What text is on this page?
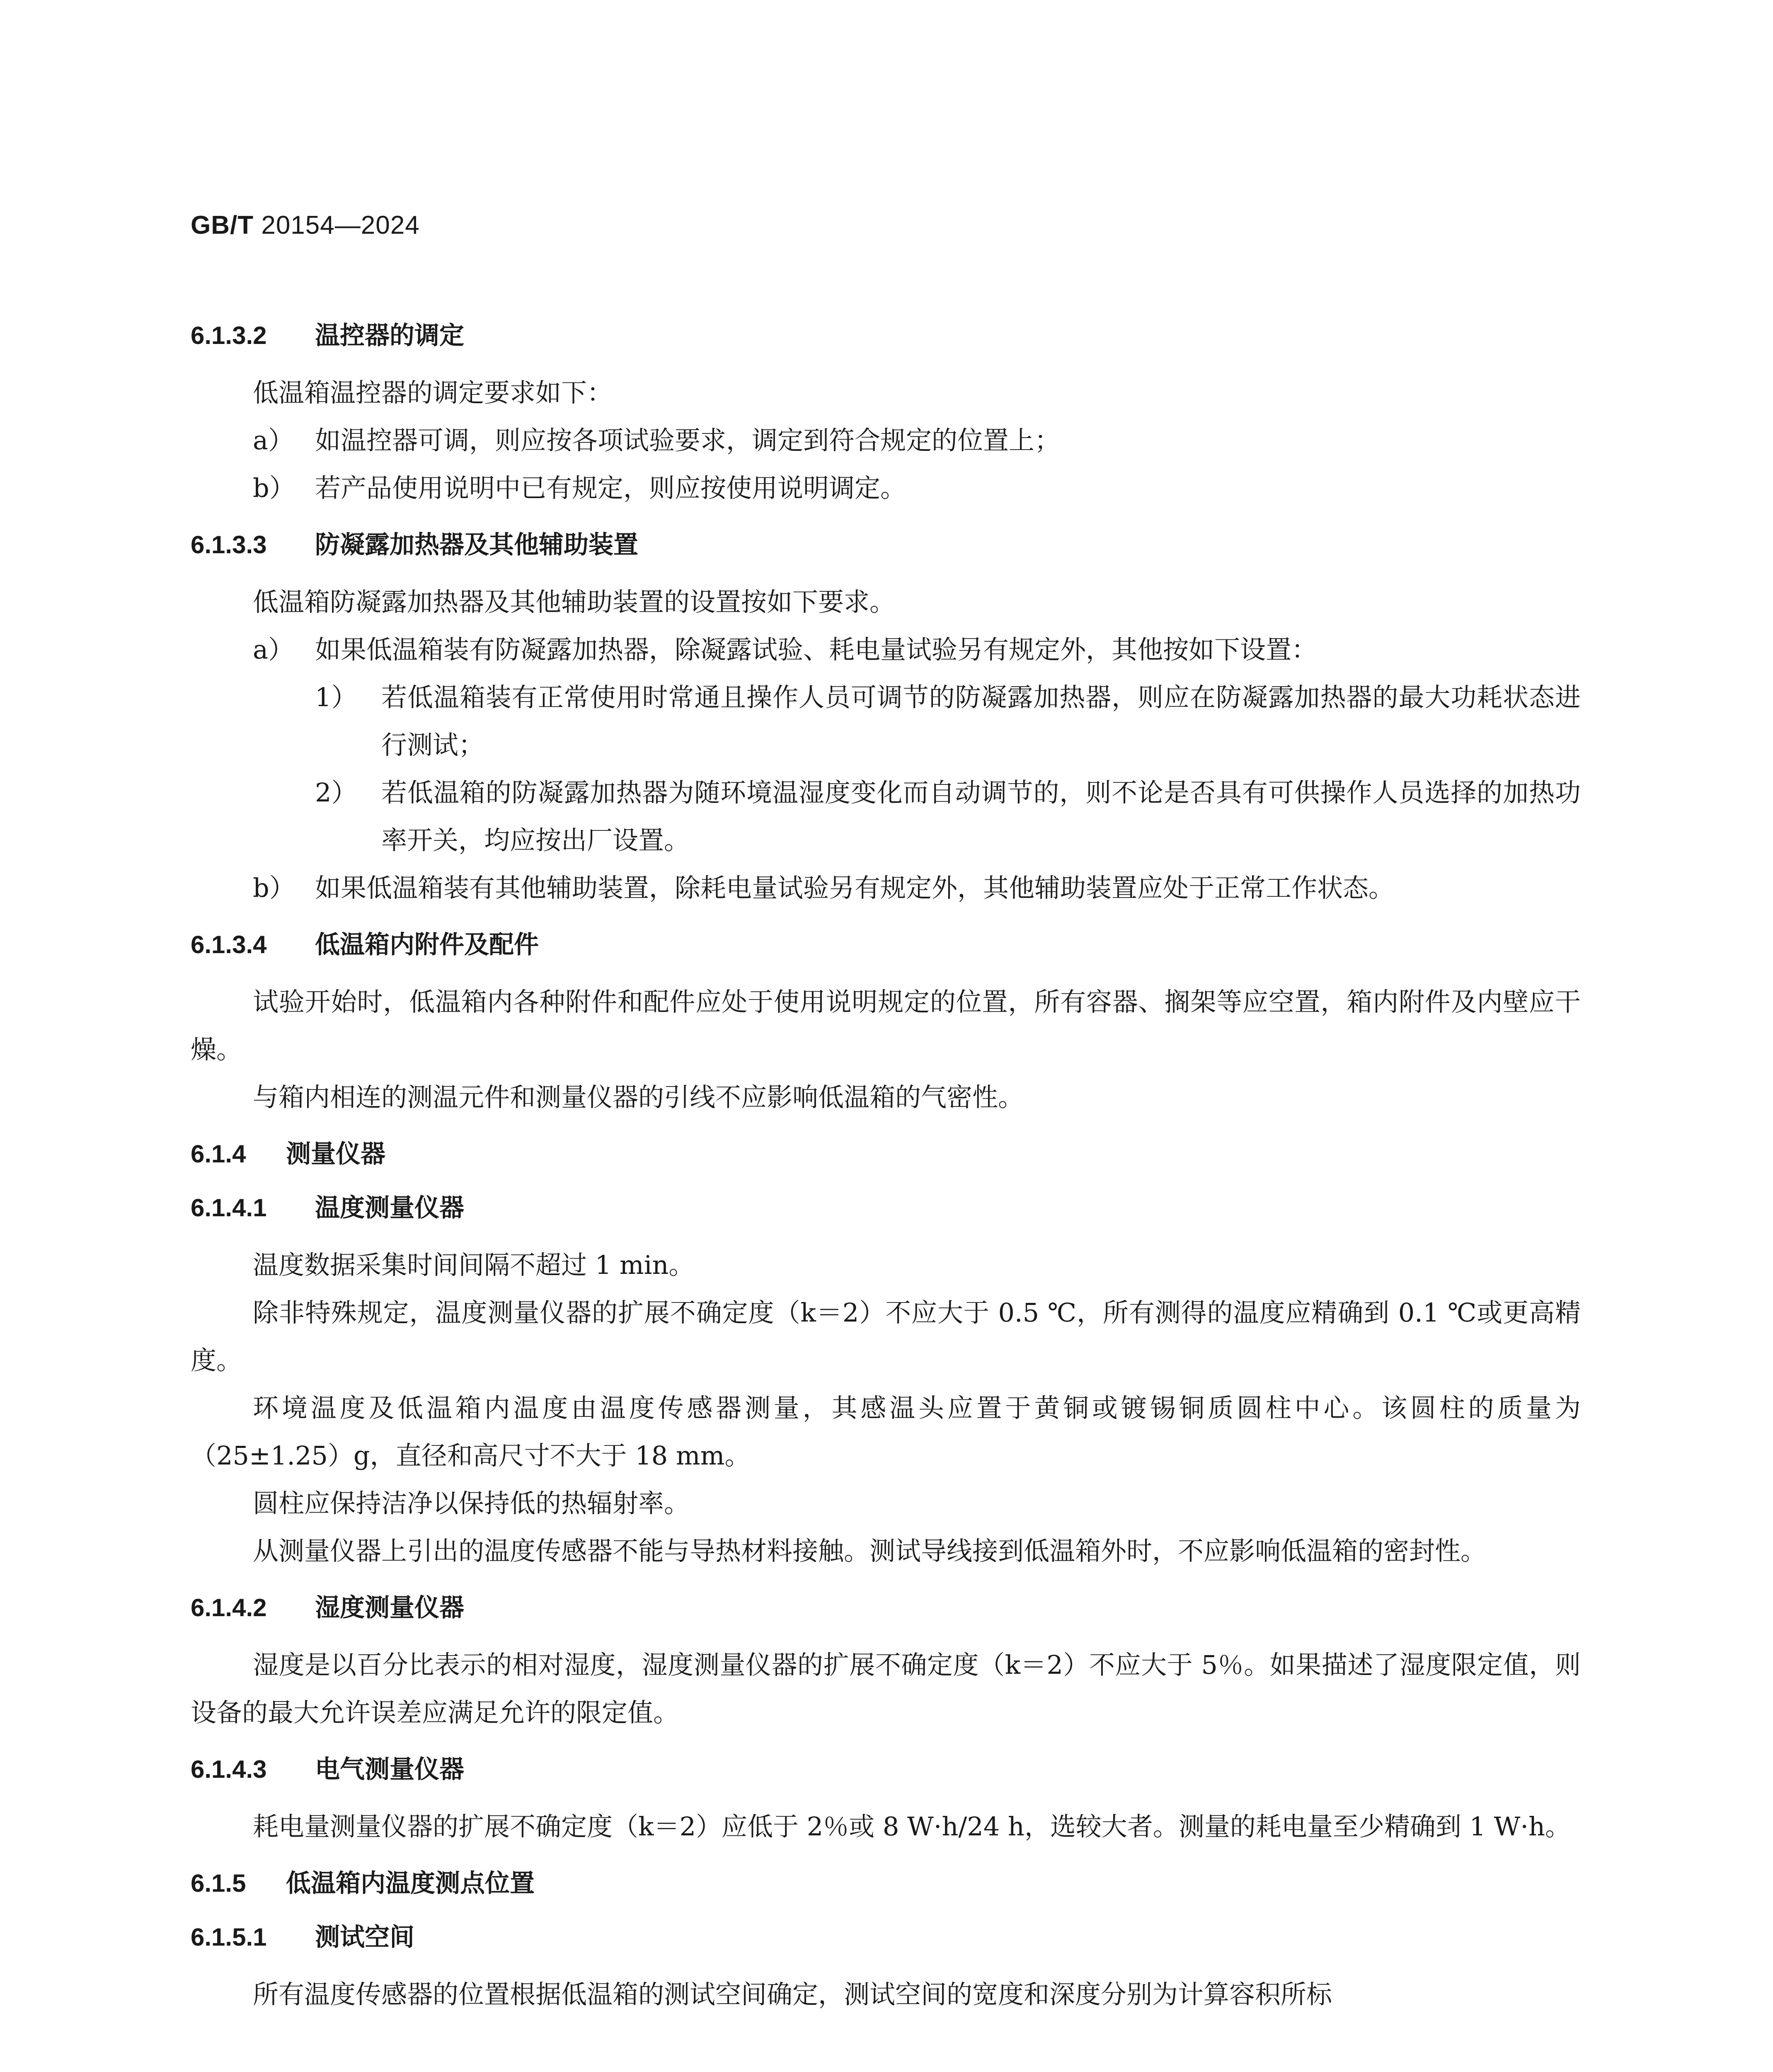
GB/T 20154—2024

6.1.3.2 温控器的调定

低温箱温控器的调定要求如下：

a） 如温控器可调，则应按各项试验要求，调定到符合规定的位置上；

b） 若产品使用说明中已有规定，则应按使用说明调定。

6.1.3.3 防凝露加热器及其他辅助装置

低温箱防凝露加热器及其他辅助装置的设置按如下要求。

a） 如果低温箱装有防凝露加热器，除凝露试验、耗电量试验另有规定外，其他按如下设置：

1） 若低温箱装有正常使用时常通且操作人员可调节的防凝露加热器，则应在防凝露加热器的最大功耗状态进行测试；

2） 若低温箱的防凝露加热器为随环境温湿度变化而自动调节的，则不论是否具有可供操作人员选择的加热功率开关，均应按出厂设置。

b） 如果低温箱装有其他辅助装置，除耗电量试验另有规定外，其他辅助装置应处于正常工作状态。

6.1.3.4 低温箱内附件及配件

试验开始时，低温箱内各种附件和配件应处于使用说明规定的位置，所有容器、搁架等应空置，箱内附件及内壁应干燥。

与箱内相连的测温元件和测量仪器的引线不应影响低温箱的气密性。

6.1.4 测量仪器

6.1.4.1 温度测量仪器

温度数据采集时间间隔不超过 1 min。

除非特殊规定，温度测量仪器的扩展不确定度（k＝2）不应大于 0.5 ℃，所有测得的温度应精确到 0.1 ℃或更高精度。

环境温度及低温箱内温度由温度传感器测量，其感温头应置于黄铜或镀锡铜质圆柱中心。该圆柱的质量为（25±1.25）g，直径和高尺寸不大于 18 mm。

圆柱应保持洁净以保持低的热辐射率。

从测量仪器上引出的温度传感器不能与导热材料接触。测试导线接到低温箱外时，不应影响低温箱的密封性。

6.1.4.2 湿度测量仪器

湿度是以百分比表示的相对湿度，湿度测量仪器的扩展不确定度（k＝2）不应大于 5％。如果描述了湿度限定值，则设备的最大允许误差应满足允许的限定值。

6.1.4.3 电气测量仪器

耗电量测量仪器的扩展不确定度（k＝2）应低于 2％或 8 W·h/24 h，选较大者。测量的耗电量至少精确到 1 W·h。

6.1.5 低温箱内温度测点位置

6.1.5.1 测试空间

所有温度传感器的位置根据低温箱的测试空间确定，测试空间的宽度和深度分别为计算容积所标
